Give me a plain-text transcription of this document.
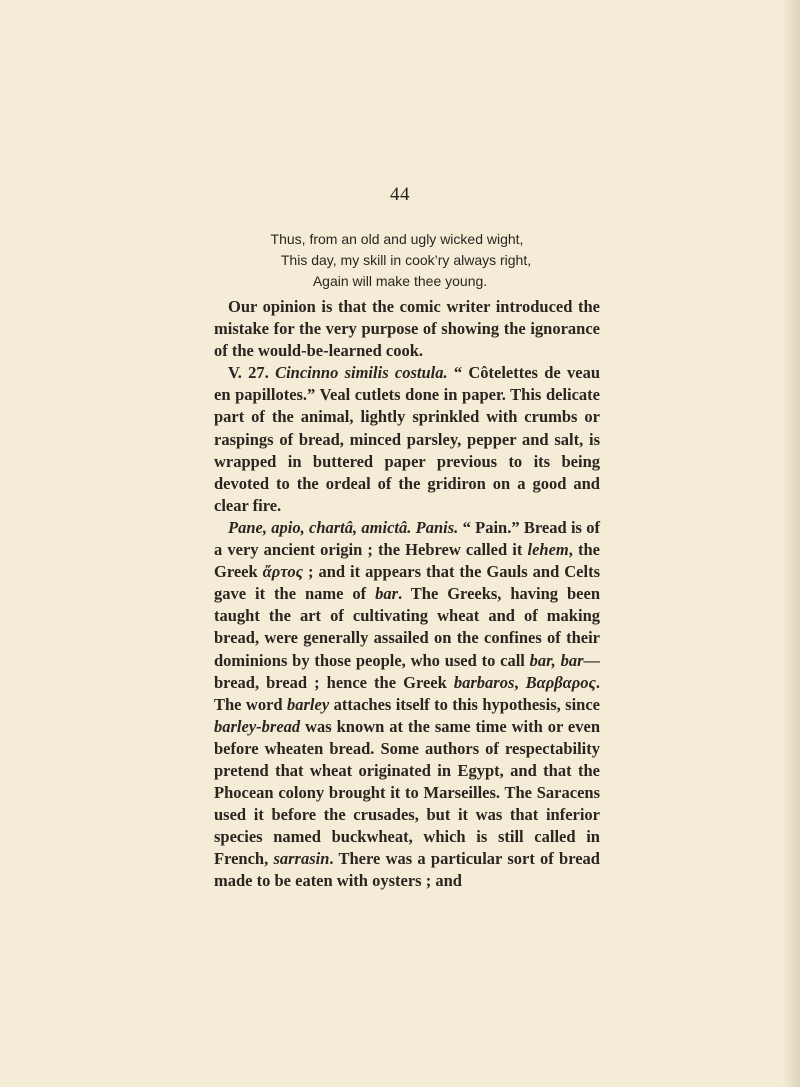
44
Thus, from an old and ugly wicked wight,
This day, my skill in cook’ry always right,
Again will make thee young.

Our opinion is that the comic writer introduced the mistake for the very purpose of showing the ignorance of the would-be-learned cook.

V. 27. Cincinno similis costula. “ Côtelettes de veau en papillotes.” Veal cutlets done in paper. This delicate part of the animal, lightly sprinkled with crumbs or raspings of bread, minced parsley, pepper and salt, is wrapped in buttered paper previous to its being devoted to the ordeal of the gridiron on a good and clear fire.

Pane, apio, chartâ, amictâ. Panis. “ Pain.” Bread is of a very ancient origin ; the Hebrew called it lehem, the Greek ἄρτος ; and it appears that the Gauls and Celts gave it the name of bar. The Greeks, having been taught the art of cultivating wheat and of making bread, were generally assailed on the confines of their dominions by those people, who used to call bar, bar—bread, bread ; hence the Greek barbaros, Βαρβαρος. The word barley attaches itself to this hypothesis, since barley-bread was known at the same time with or even before wheaten bread. Some authors of respectability pretend that wheat originated in Egypt, and that the Phocean colony brought it to Marseilles. The Saracens used it before the crusades, but it was that inferior species named buckwheat, which is still called in French, sarrasin. There was a particular sort of bread made to be eaten with oysters ; and
